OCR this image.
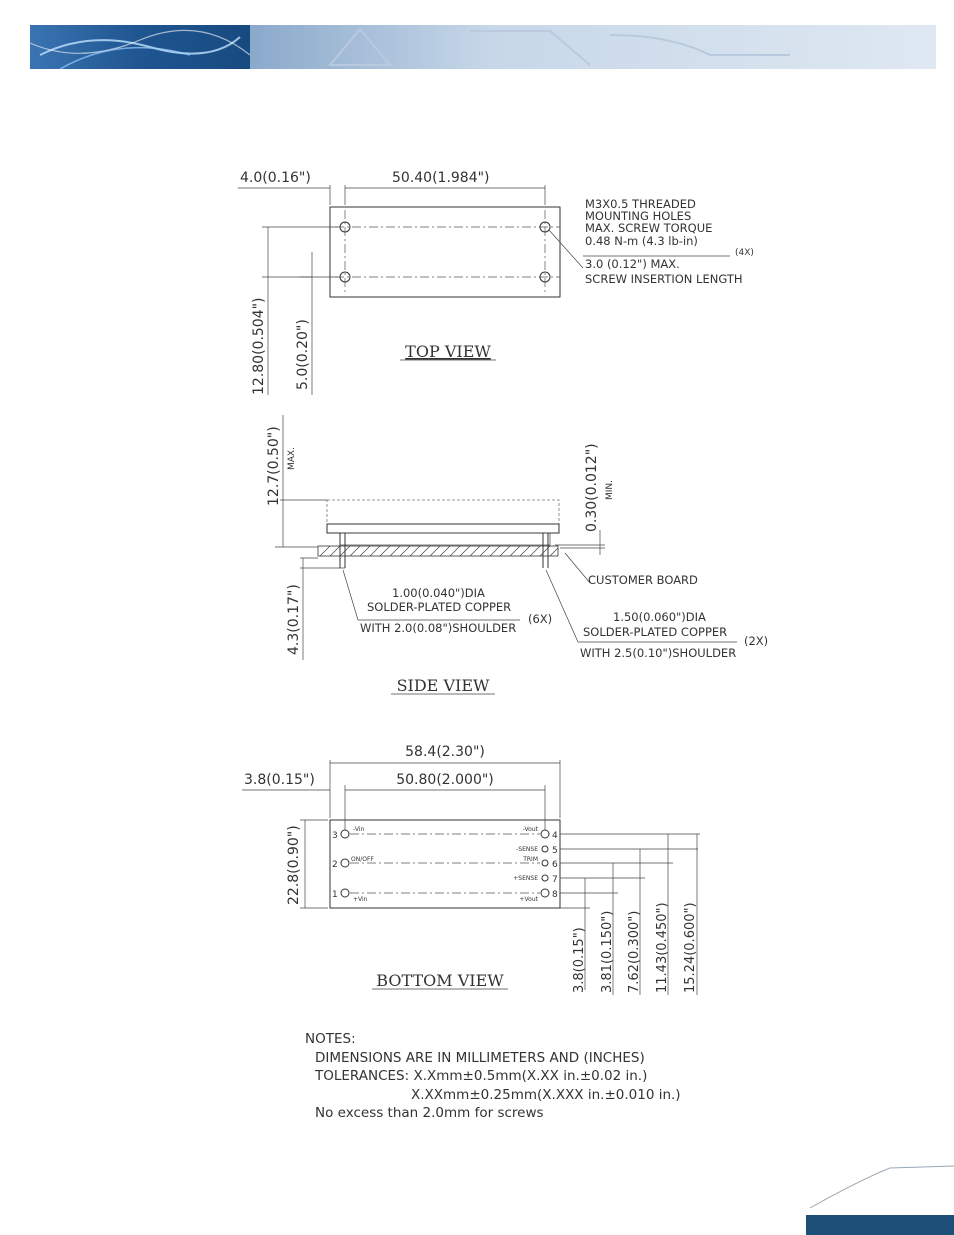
4.0(0.16")	50.40(1.984")
12.80(0.504") 5.0(0.20")
M3X0.5 THREADED
MOUNTING HOLES
MAX. SCREW TORQUE
0.48 N-m (4.3 lb-in)
(4X)
3.0 (0.12") MAX.
SCREW INSERTION LENGTH
TOP VIEW
12.7(0.50") MAX.
4.3(0.17")
0.30(0.012") MIN.
CUSTOMER BOARD
1.00(0.040")DIA
SOLDER-PLATED COPPER
WITH 2.0(0.08")SHOULDER
(6X)	1.50(0.060")DIA
SOLDER-PLATED COPPER
WITH 2.5(0.10")SHOULDER
(2X)
SIDE VIEW
3
-Vin
2
ON/OFF
1	+Vin
4
-Vout
5
-SENSE
6
TRIM
7
+SENSE
8
+Vout
58.4(2.30")
50.80(2.000")
3.8(0.15")
22.8(0.90")
3.8(0.15") 3.81(0.150") 7.62(0.300") 11.43(0.450") 15.24(0.600")
BOTTOM VIEW
NOTES:
DIMENSIONS ARE IN MILLIMETERS AND (INCHES)
TOLERANCES: X.Xmm±0.5mm(X.XX in.±0.02 in.)
X.XXmm±0.25mm(X.XXX in.±0.010 in.)
No excess than 2.0mm for screws
